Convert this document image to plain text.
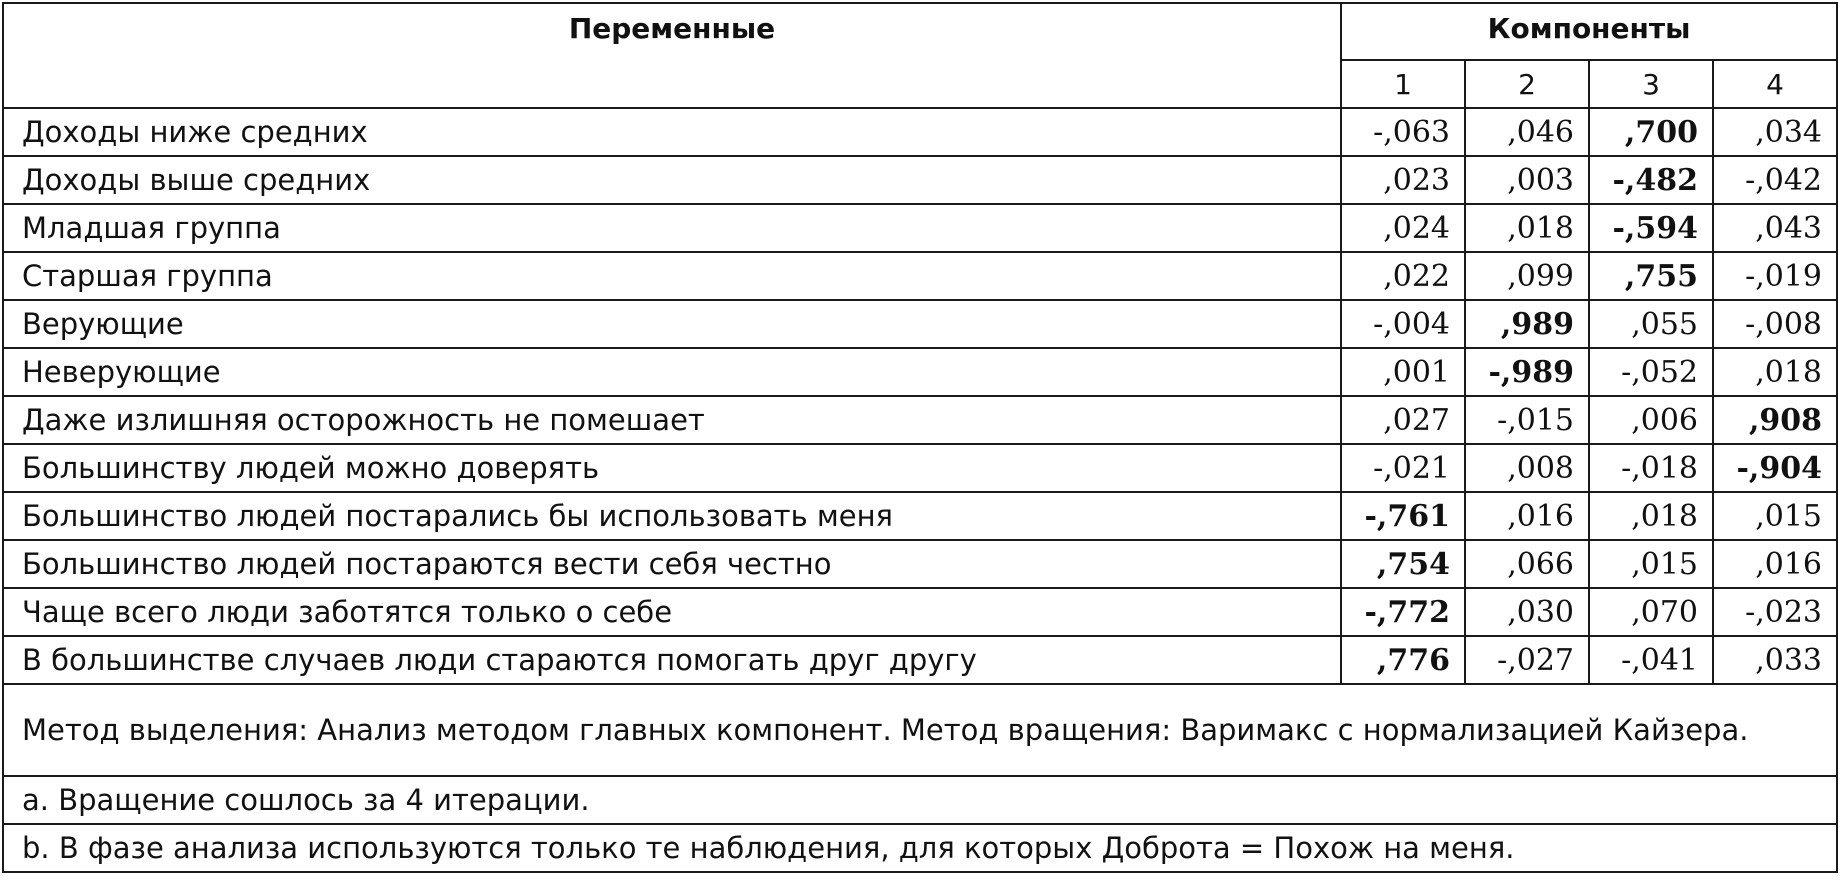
Переменные	Компоненты			
	1	2	3	4
Доходы ниже средних	-,063	,046	,700	,034
Доходы выше средних	,023	,003	-,482	-,042
Младшая группа	,024	,018	-,594	,043
Старшая группа	,022	,099	,755	-,019
Верующие	-,004	,989	,055	-,008
Неверующие	,001	-,989	-,052	,018
Даже излишняя осторожность не помешает	,027	-,015	,006	,908
Большинству людей можно доверять	-,021	,008	-,018	-,904
Большинство людей постарались бы использовать меня	-,761	,016	,018	,015
Большинство людей постараются вести себя честно	,754	,066	,015	,016
Чаще всего люди заботятся только о себе	-,772	,030	,070	-,023
В большинстве случаев люди стараются помогать друг другу	,776	-,027	-,041	,033
Метод выделения: Анализ методом главных компонент. Метод вращения: Варимакс с нормализацией Кайзера.				
a. Вращение сошлось за 4 итерации.				
b. В фазе анализа используются только те наблюдения, для которых Доброта = Похож на меня.				
